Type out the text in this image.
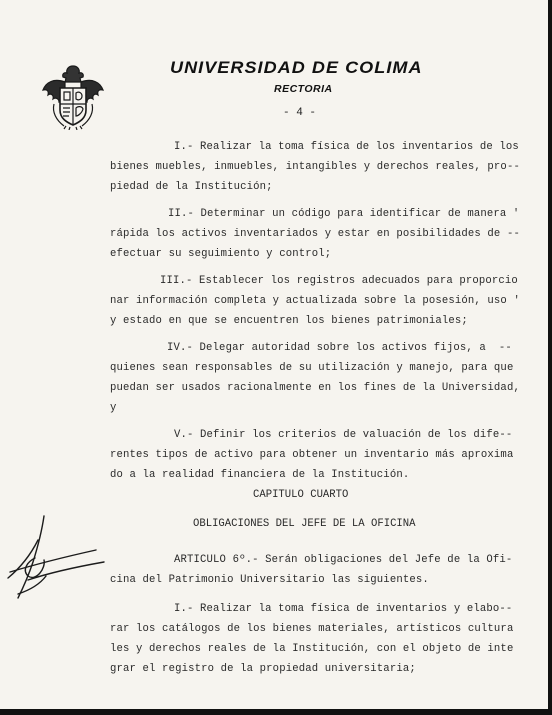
UNIVERSIDAD DE COLIMA
RECTORIA
- 4 -
I.- Realizar la toma física de los inventarios de los
bienes muebles, inmuebles, intangibles y derechos reales, pro--
piedad de la Institución;
II.- Determinar un código para identificar de manera '
rápida los activos inventariados y estar en posibilidades de --
efectuar su seguimiento y control;
III.- Establecer los registros adecuados para proporcio
nar información completa y actualizada sobre la posesión, uso '
y estado en que se encuentren los bienes patrimoniales;
IV.- Delegar autoridad sobre los activos fijos, a  --
quienes sean responsables de su utilización y manejo, para que
puedan ser usados racionalmente en los fines de la Universidad,
y
V.- Definir los criterios de valuación de los dife--
rentes tipos de activo para obtener un inventario más aproxima
do a la realidad financiera de la Institución.
CAPITULO CUARTO
OBLIGACIONES DEL JEFE DE LA OFICINA
ARTICULO 6º.- Serán obligaciones del Jefe de la Ofi-
cina del Patrimonio Universitario las siguientes.
I.- Realizar la toma física de inventarios y elabo--
rar los catálogos de los bienes materiales, artísticos cultura
les y derechos reales de la Institución, con el objeto de inte
grar el registro de la propiedad universitaria;
